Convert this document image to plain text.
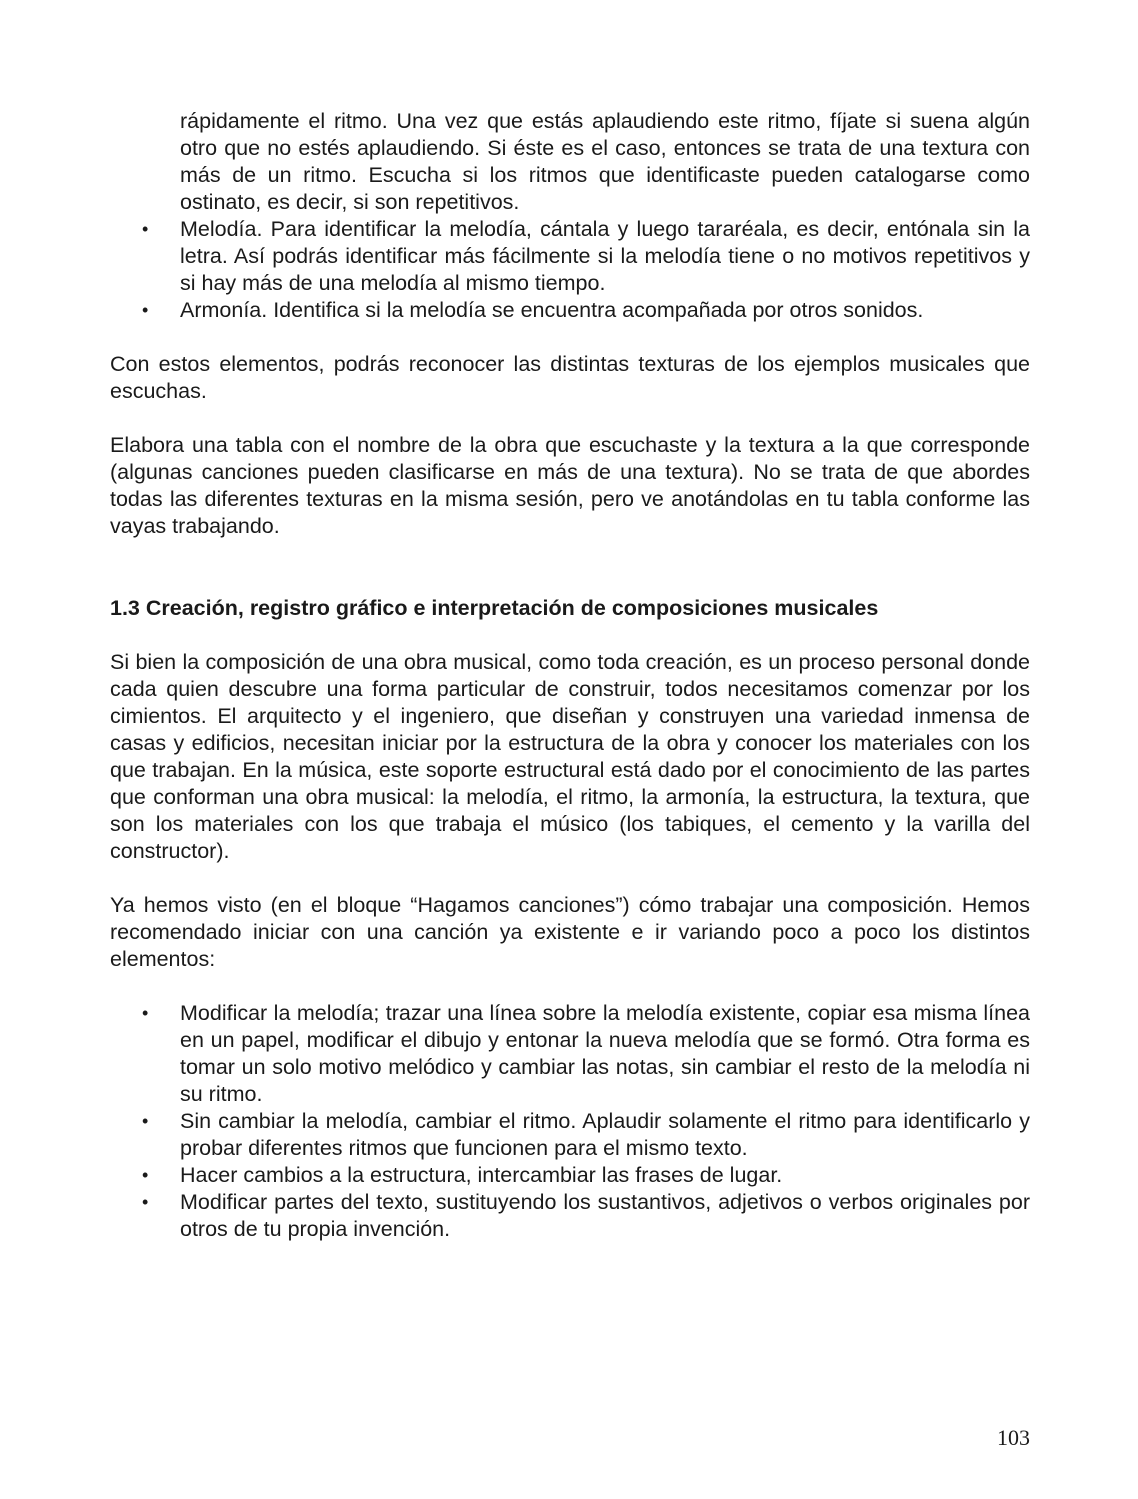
rápidamente el ritmo. Una vez que estás aplaudiendo este ritmo, fíjate si suena algún otro que no estés aplaudiendo. Si éste es el caso, entonces se trata de una textura con más de un ritmo. Escucha si los ritmos que identificaste pueden catalogarse como ostinato, es decir, si son repetitivos.

• Melodía. Para identificar la melodía, cántala y luego tararéala, es decir, entónala sin la letra. Así podrás identificar más fácilmente si la melodía tiene o no motivos repetitivos y si hay más de una melodía al mismo tiempo.
• Armonía. Identifica si la melodía se encuentra acompañada por otros sonidos.

Con estos elementos, podrás reconocer las distintas texturas de los ejemplos musicales que escuchas.

Elabora una tabla con el nombre de la obra que escuchaste y la textura a la que corresponde (algunas canciones pueden clasificarse en más de una textura). No se trata de que abordes todas las diferentes texturas en la misma sesión, pero ve anotándolas en tu tabla conforme las vayas trabajando.

1.3 Creación, registro gráfico e interpretación de composiciones musicales

Si bien la composición de una obra musical, como toda creación, es un proceso personal donde cada quien descubre una forma particular de construir, todos necesitamos comenzar por los cimientos. El arquitecto y el ingeniero, que diseñan y construyen una variedad inmensa de casas y edificios, necesitan iniciar por la estructura de la obra y conocer los materiales con los que trabajan. En la música, este soporte estructural está dado por el conocimiento de las partes que conforman una obra musical: la melodía, el ritmo, la armonía, la estructura, la textura, que son los materiales con los que trabaja el músico (los tabiques, el cemento y la varilla del constructor).

Ya hemos visto (en el bloque “Hagamos canciones”) cómo trabajar una composición. Hemos recomendado iniciar con una canción ya existente e ir variando poco a poco los distintos elementos:

• Modificar la melodía; trazar una línea sobre la melodía existente, copiar esa misma línea en un papel, modificar el dibujo y entonar la nueva melodía que se formó. Otra forma es tomar un solo motivo melódico y cambiar las notas, sin cambiar el resto de la melodía ni su ritmo.
• Sin cambiar la melodía, cambiar el ritmo. Aplaudir solamente el ritmo para identificarlo y probar diferentes ritmos que funcionen para el mismo texto.
• Hacer cambios a la estructura, intercambiar las frases de lugar.
• Modificar partes del texto, sustituyendo los sustantivos, adjetivos o verbos originales por otros de tu propia invención.
103
